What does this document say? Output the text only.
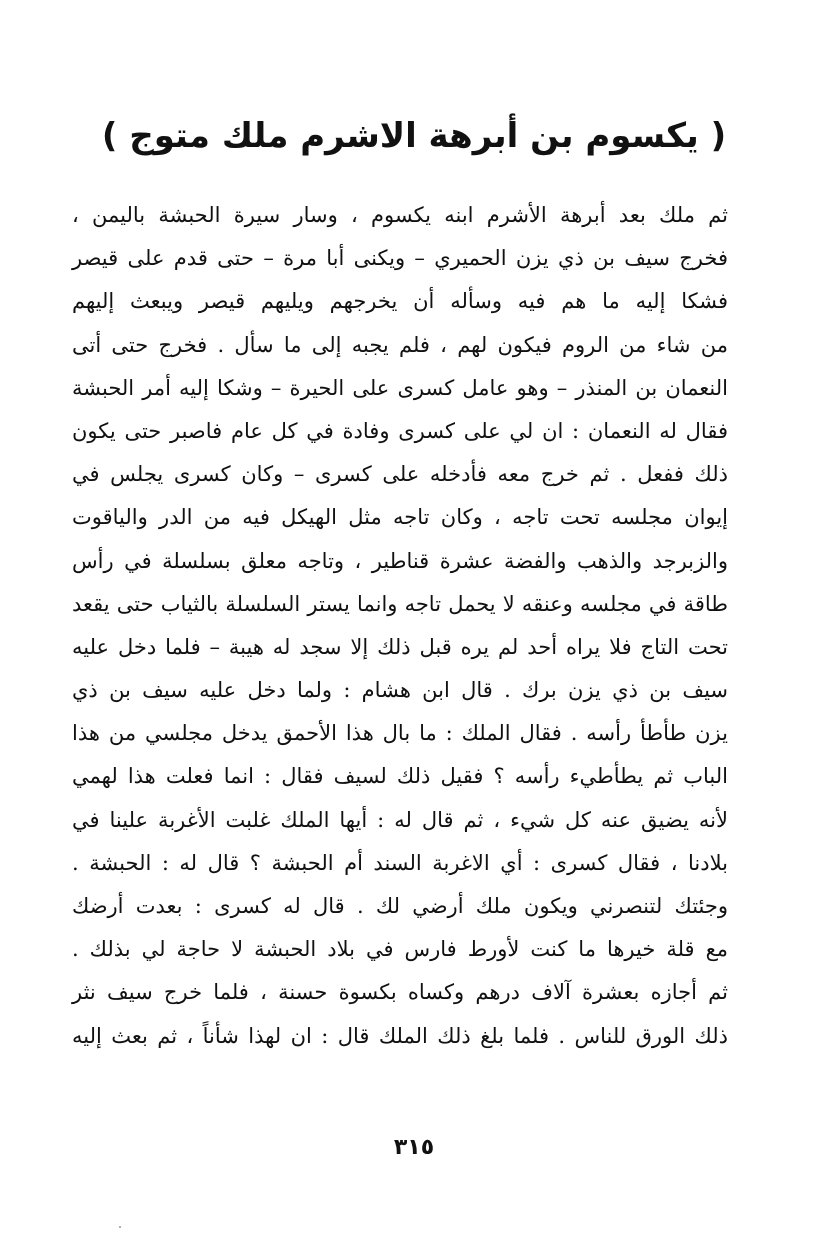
( يكسوم بن أبرهة الاشرم ملك متوج )
ثم ملك بعد أبرهة الأشرم ابنه يكسوم ، وسار سيرة الحبشة باليمن ،
فخرج سيف بن ذي يزن الحميري – ويكنى أبا مرة – حتى قدم على قيصر
فشكا إليه ما هم فيه وسأله أن يخرجهم ويليهم قيصر ويبعث إليهم
من شاء من الروم فيكون لهم ، فلم يجبه إلى ما سأل . فخرج حتى أتى
النعمان بن المنذر – وهو عامل كسرى على الحيرة – وشكا إليه أمر الحبشة
فقال له النعمان : ان لي على كسرى وفادة في كل عام فاصبر حتى يكون
ذلك ففعل . ثم خرج معه فأدخله على كسرى – وكان كسرى يجلس في
إيوان مجلسه تحت تاجه ، وكان تاجه مثل الهيكل فيه من الدر والياقوت
والزبرجد والذهب والفضة عشرة قناطير ، وتاجه معلق بسلسلة في رأس
طاقة في مجلسه وعنقه لا يحمل تاجه وانما يستر السلسلة بالثياب حتى يقعد
تحت التاج فلا يراه أحد لم يره قبل ذلك إلا سجد له هيبة – فلما دخل عليه
سيف بن ذي يزن برك . قال ابن هشام : ولما دخل عليه سيف بن ذي
يزن طأطأ رأسه . فقال الملك : ما بال هذا الأحمق يدخل مجلسي من هذا
الباب ثم يطأطيء رأسه ؟ فقيل ذلك لسيف فقال : انما فعلت هذا لهمي
لأنه يضيق عنه كل شيء ، ثم قال له : أيها الملك غلبت الأغربة علينا في
بلادنا ، فقال كسرى : أي الاغربة السند أم الحبشة ؟ قال له : الحبشة .
وجئتك لتنصرني ويكون ملك أرضي لك . قال له كسرى : بعدت أرضك
مع قلة خيرها ما كنت لأورط فارس في بلاد الحبشة لا حاجة لي بذلك .
ثم أجازه بعشرة آلاف درهم وكساه بكسوة حسنة ، فلما خرج سيف نثر
ذلك الورق للناس . فلما بلغ ذلك الملك قال : ان لهذا شأناً ، ثم بعث إليه
٣١٥
